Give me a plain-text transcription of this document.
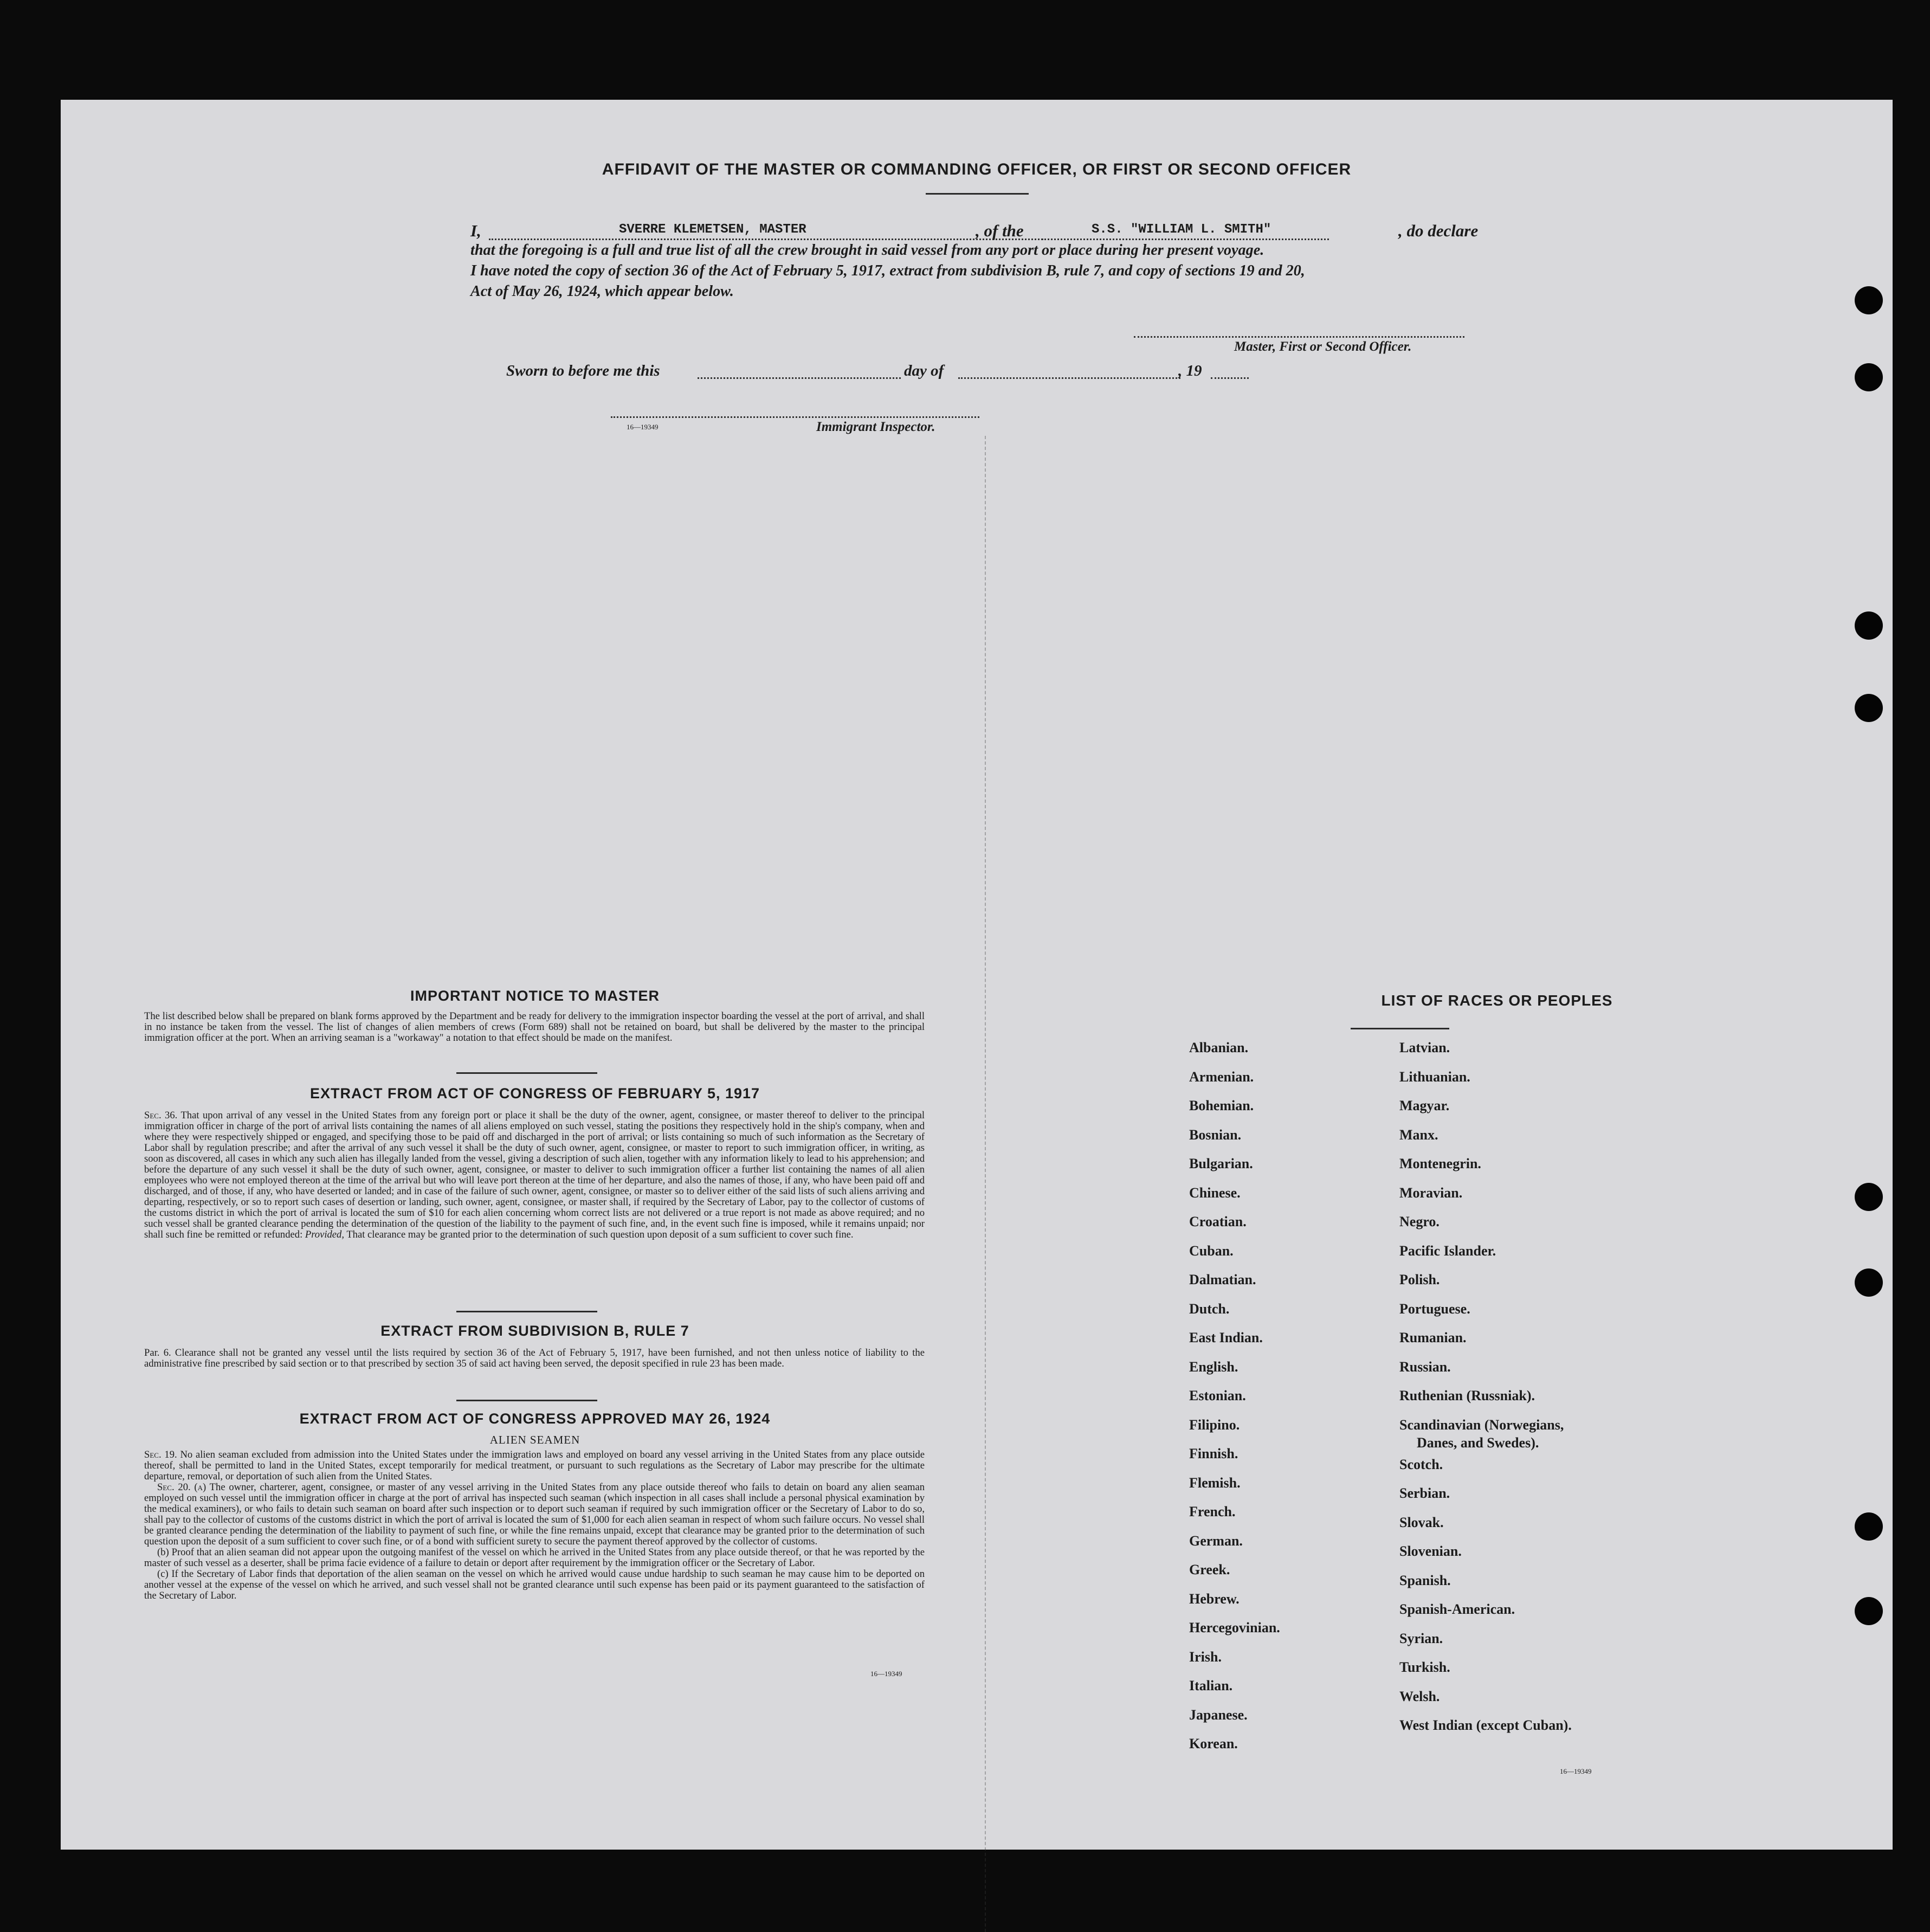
AFFIDAVIT OF THE MASTER OR COMMANDING OFFICER, OR FIRST OR SECOND OFFICER
I,	SVERRE KLEMETSEN, MASTER	, of the	S.S. "WILLIAM L. SMITH"	, do declare
that the foregoing is a full and true list of all the crew brought in said vessel from any port or place during her present voyage.
I have noted the copy of section 36 of the Act of February 5, 1917, extract from subdivision B, rule 7, and copy of sections 19 and 20,
Act of May 26, 1924, which appear below.
Master, First or Second Officer.
Sworn to before me this	day of	, 19
16—19349	Immigrant Inspector.
IMPORTANT NOTICE TO MASTER
The list described below shall be prepared on blank forms approved by the Department and be ready for delivery to the immigration inspector boarding the vessel at the port of arrival, and shall in no instance be taken from the vessel. The list of changes of alien members of crews (Form 689) shall not be retained on board, but shall be delivered by the master to the principal immigration officer at the port. When an arriving seaman is a "workaway" a notation to that effect should be made on the manifest.
EXTRACT FROM ACT OF CONGRESS OF FEBRUARY 5, 1917
Sec. 36. That upon arrival of any vessel in the United States from any foreign port or place it shall be the duty of the owner, agent, consignee, or master thereof to deliver to the principal immigration officer in charge of the port of arrival lists containing the names of all aliens employed on such vessel, stating the positions they respectively hold in the ship's company, when and where they were respectively shipped or engaged, and specifying those to be paid off and discharged in the port of arrival; or lists containing so much of such information as the Secretary of Labor shall by regulation prescribe; and after the arrival of any such vessel it shall be the duty of such owner, agent, consignee, or master to report to such immigration officer, in writing, as soon as discovered, all cases in which any such alien has illegally landed from the vessel, giving a description of such alien, together with any information likely to lead to his apprehension; and before the departure of any such vessel it shall be the duty of such owner, agent, consignee, or master to deliver to such immigration officer a further list containing the names of all alien employees who were not employed thereon at the time of the arrival but who will leave port thereon at the time of her departure, and also the names of those, if any, who have been paid off and discharged, and of those, if any, who have deserted or landed; and in case of the failure of such owner, agent, consignee, or master so to deliver either of the said lists of such aliens arriving and departing, respectively, or so to report such cases of desertion or landing, such owner, agent, consignee, or master shall, if required by the Secretary of Labor, pay to the collector of customs of the customs district in which the port of arrival is located the sum of $10 for each alien concerning whom correct lists are not delivered or a true report is not made as above required; and no such vessel shall be granted clearance pending the determination of the question of the liability to the payment of such fine, and, in the event such fine is imposed, while it remains unpaid; nor shall such fine be remitted or refunded: Provided, That clearance may be granted prior to the determination of such question upon deposit of a sum sufficient to cover such fine.
EXTRACT FROM SUBDIVISION B, RULE 7
Par. 6. Clearance shall not be granted any vessel until the lists required by section 36 of the Act of February 5, 1917, have been furnished, and not then unless notice of liability to the administrative fine prescribed by said section or to that prescribed by section 35 of said act having been served, the deposit specified in rule 23 has been made.
EXTRACT FROM ACT OF CONGRESS APPROVED MAY 26, 1924
ALIEN SEAMEN
Sec. 19. No alien seaman excluded from admission into the United States under the immigration laws and employed on board any vessel arriving in the United States from any place outside thereof, shall be permitted to land in the United States, except temporarily for medical treatment, or pursuant to such regulations as the Secretary of Labor may prescribe for the ultimate departure, removal, or deportation of such alien from the United States.
Sec. 20. (a) The owner, charterer, agent, consignee, or master of any vessel arriving in the United States from any place outside thereof who fails to detain on board any alien seaman employed on such vessel until the immigration officer in charge at the port of arrival has inspected such seaman (which inspection in all cases shall include a personal physical examination by the medical examiners), or who fails to detain such seaman on board after such inspection or to deport such seaman if required by such immigration officer or the Secretary of Labor to do so, shall pay to the collector of customs of the customs district in which the port of arrival is located the sum of $1,000 for each alien seaman in respect of whom such failure occurs. No vessel shall be granted clearance pending the determination of the liability to payment of such fine, or while the fine remains unpaid, except that clearance may be granted prior to the determination of such question upon the deposit of a sum sufficient to cover such fine, or of a bond with sufficient surety to secure the payment thereof approved by the collector of customs.
(b) Proof that an alien seaman did not appear upon the outgoing manifest of the vessel on which he arrived in the United States from any place outside thereof, or that he was reported by the master of such vessel as a deserter, shall be prima facie evidence of a failure to detain or deport after requirement by the immigration officer or the Secretary of Labor.
(c) If the Secretary of Labor finds that deportation of the alien seaman on the vessel on which he arrived would cause undue hardship to such seaman he may cause him to be deported on another vessel at the expense of the vessel on which he arrived, and such vessel shall not be granted clearance until such expense has been paid or its payment guaranteed to the satisfaction of the Secretary of Labor.
16—19349
LIST OF RACES OR PEOPLES
Albanian.
Armenian.
Bohemian.
Bosnian.
Bulgarian.
Chinese.
Croatian.
Cuban.
Dalmatian.
Dutch.
East Indian.
English.
Estonian.
Filipino.
Finnish.
Flemish.
French.
German.
Greek.
Hebrew.
Hercegovinian.
Irish.
Italian.
Japanese.
Korean.
Latvian.
Lithuanian.
Magyar.
Manx.
Montenegrin.
Moravian.
Negro.
Pacific Islander.
Polish.
Portuguese.
Rumanian.
Russian.
Ruthenian (Russniak).
Scandinavian (Norwegians,
Danes, and Swedes).
Scotch.
Serbian.
Slovak.
Slovenian.
Spanish.
Spanish-American.
Syrian.
Turkish.
Welsh.
West Indian (except Cuban).
16—19349
